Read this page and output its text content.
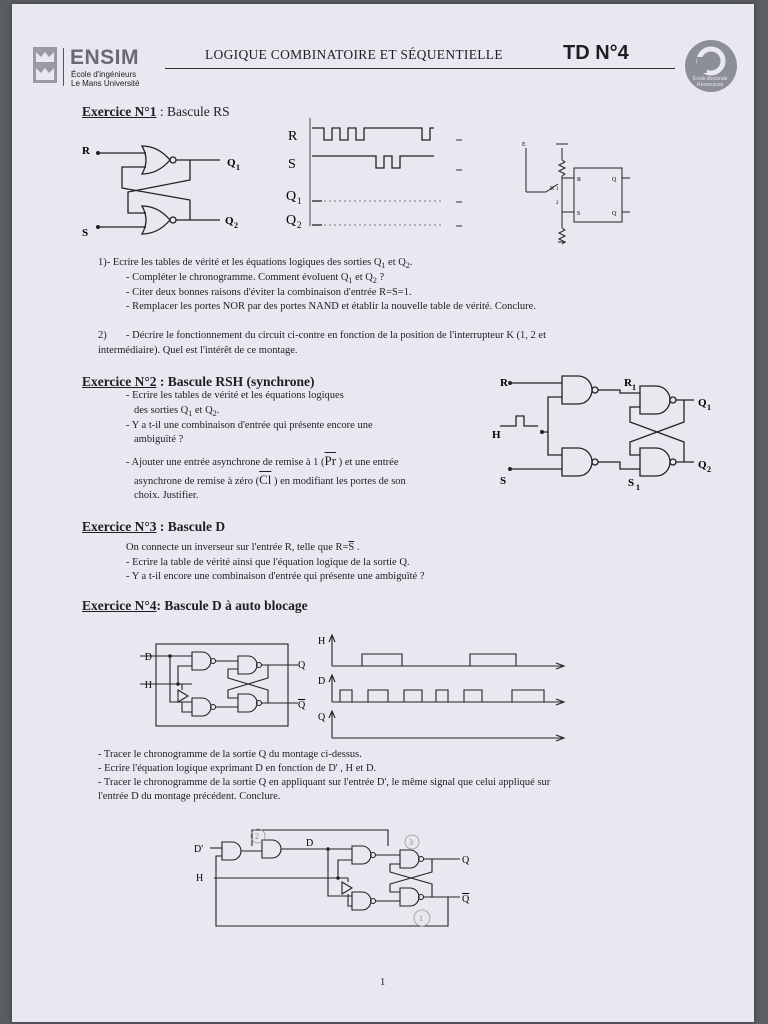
ENSIM
École d'ingénieurs
Le Mans Université
LOGIQUE COMBINATOIRE ET SÉQUENTIELLE	TD N°4
École doctorale
Ressources
Exercice N°1 : Bascule RS
R
S
Q 1
Q 2
R
S
Q 1
Q 2
E
K 1
2
R
S
Q
Q
1)- Ecrire les tables de vérité et les équations logiques des sorties $Q_1$ et $Q_2$.
- Compléter le chronogramme. Comment évoluent $Q_1$ et $Q_2$ ?
- Citer deux bonnes raisons d'éviter la combinaison d'entrée R=S=1.
- Remplacer les portes NOR par des portes NAND et établir la nouvelle table de vérité. Conclure.
2) - Décrire le fonctionnement du circuit ci-contre en fonction de la position de l'interrupteur K (1, 2 et
intermédiaire). Quel est l'intérêt de ce montage.
Exercice N°2 : Bascule RSH (synchrone)
- Ecrire les tables de vérité et les équations logiques
des sorties $Q_1$ et $Q_2$.
- Y a t-il une combinaison d'entrée qui présente encore une
ambiguïté ?
- Ajouter une entrée asynchrone de remise à 1 ($\overline{Pr}$ ) et une entrée
asynchrone de remise à zéro ($\overline{Cl}$ ) en modifiant les portes de son
choix. Justifier.
R
S
H
R 1
S 1
Q 1
Q 2
Exercice N°3 : Bascule D
On connecte un inverseur sur l'entrée R, telle que $R=\overline{S}$ .
- Ecrire la table de vérité ainsi que l'équation logique de la sortie Q.
- Y a t-il encore une combinaison d'entrée qui présente une ambiguïté ?
Exercice N°4: Bascule D à auto blocage
D
H
Q
Q
H
D
Q
- Tracer le chronogramme de la sortie Q du montage ci-dessus.
- Ecrire l'équation logique exprimant D en fonction de D' , H et D.
- Tracer le chronogramme de la sortie Q en appliquant sur l'entrée D', le même signal que celui appliqué sur
l'entrée D du montage précédent. Conclure.
2
3
1
D'
D
H
Q
Q
1
